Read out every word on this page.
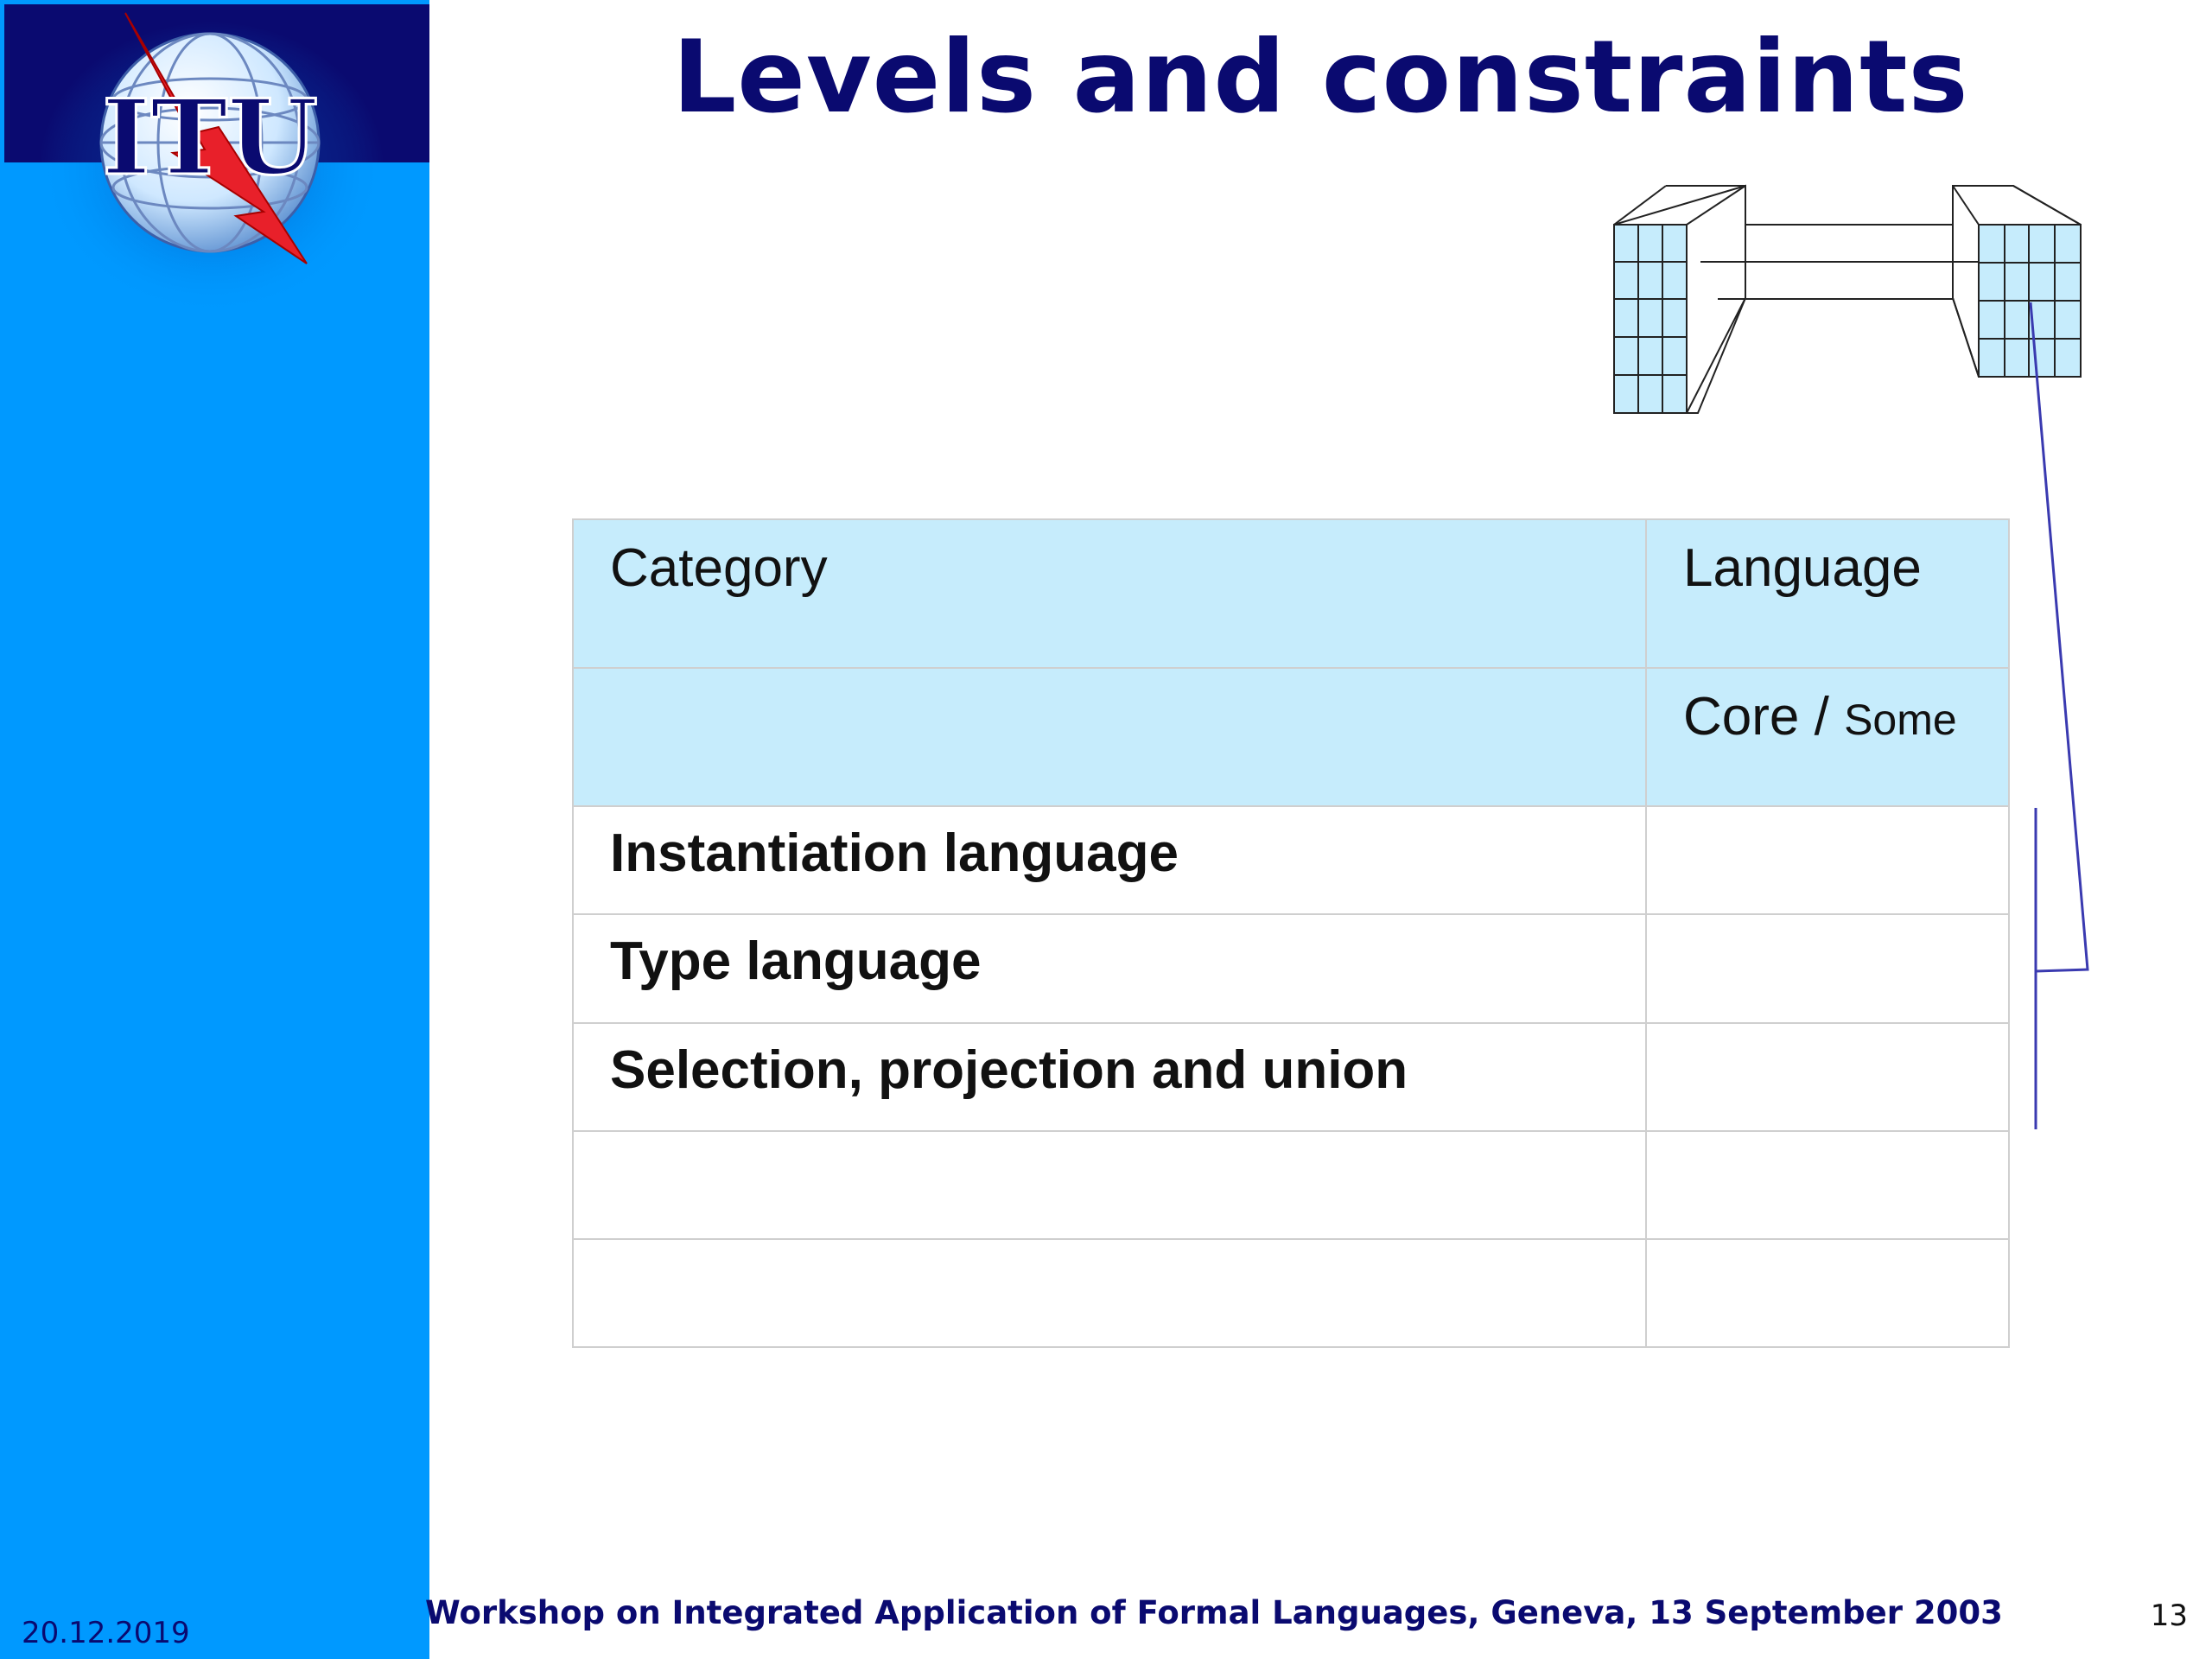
ITU	Levels and constraints
Category	Language

	Core / Some

Instantiation language	

Type language	

Selection, projection and union	

Workshop on Integrated Application of Formal Languages, Geneva, 13 September 2003
20.12.2019	13
